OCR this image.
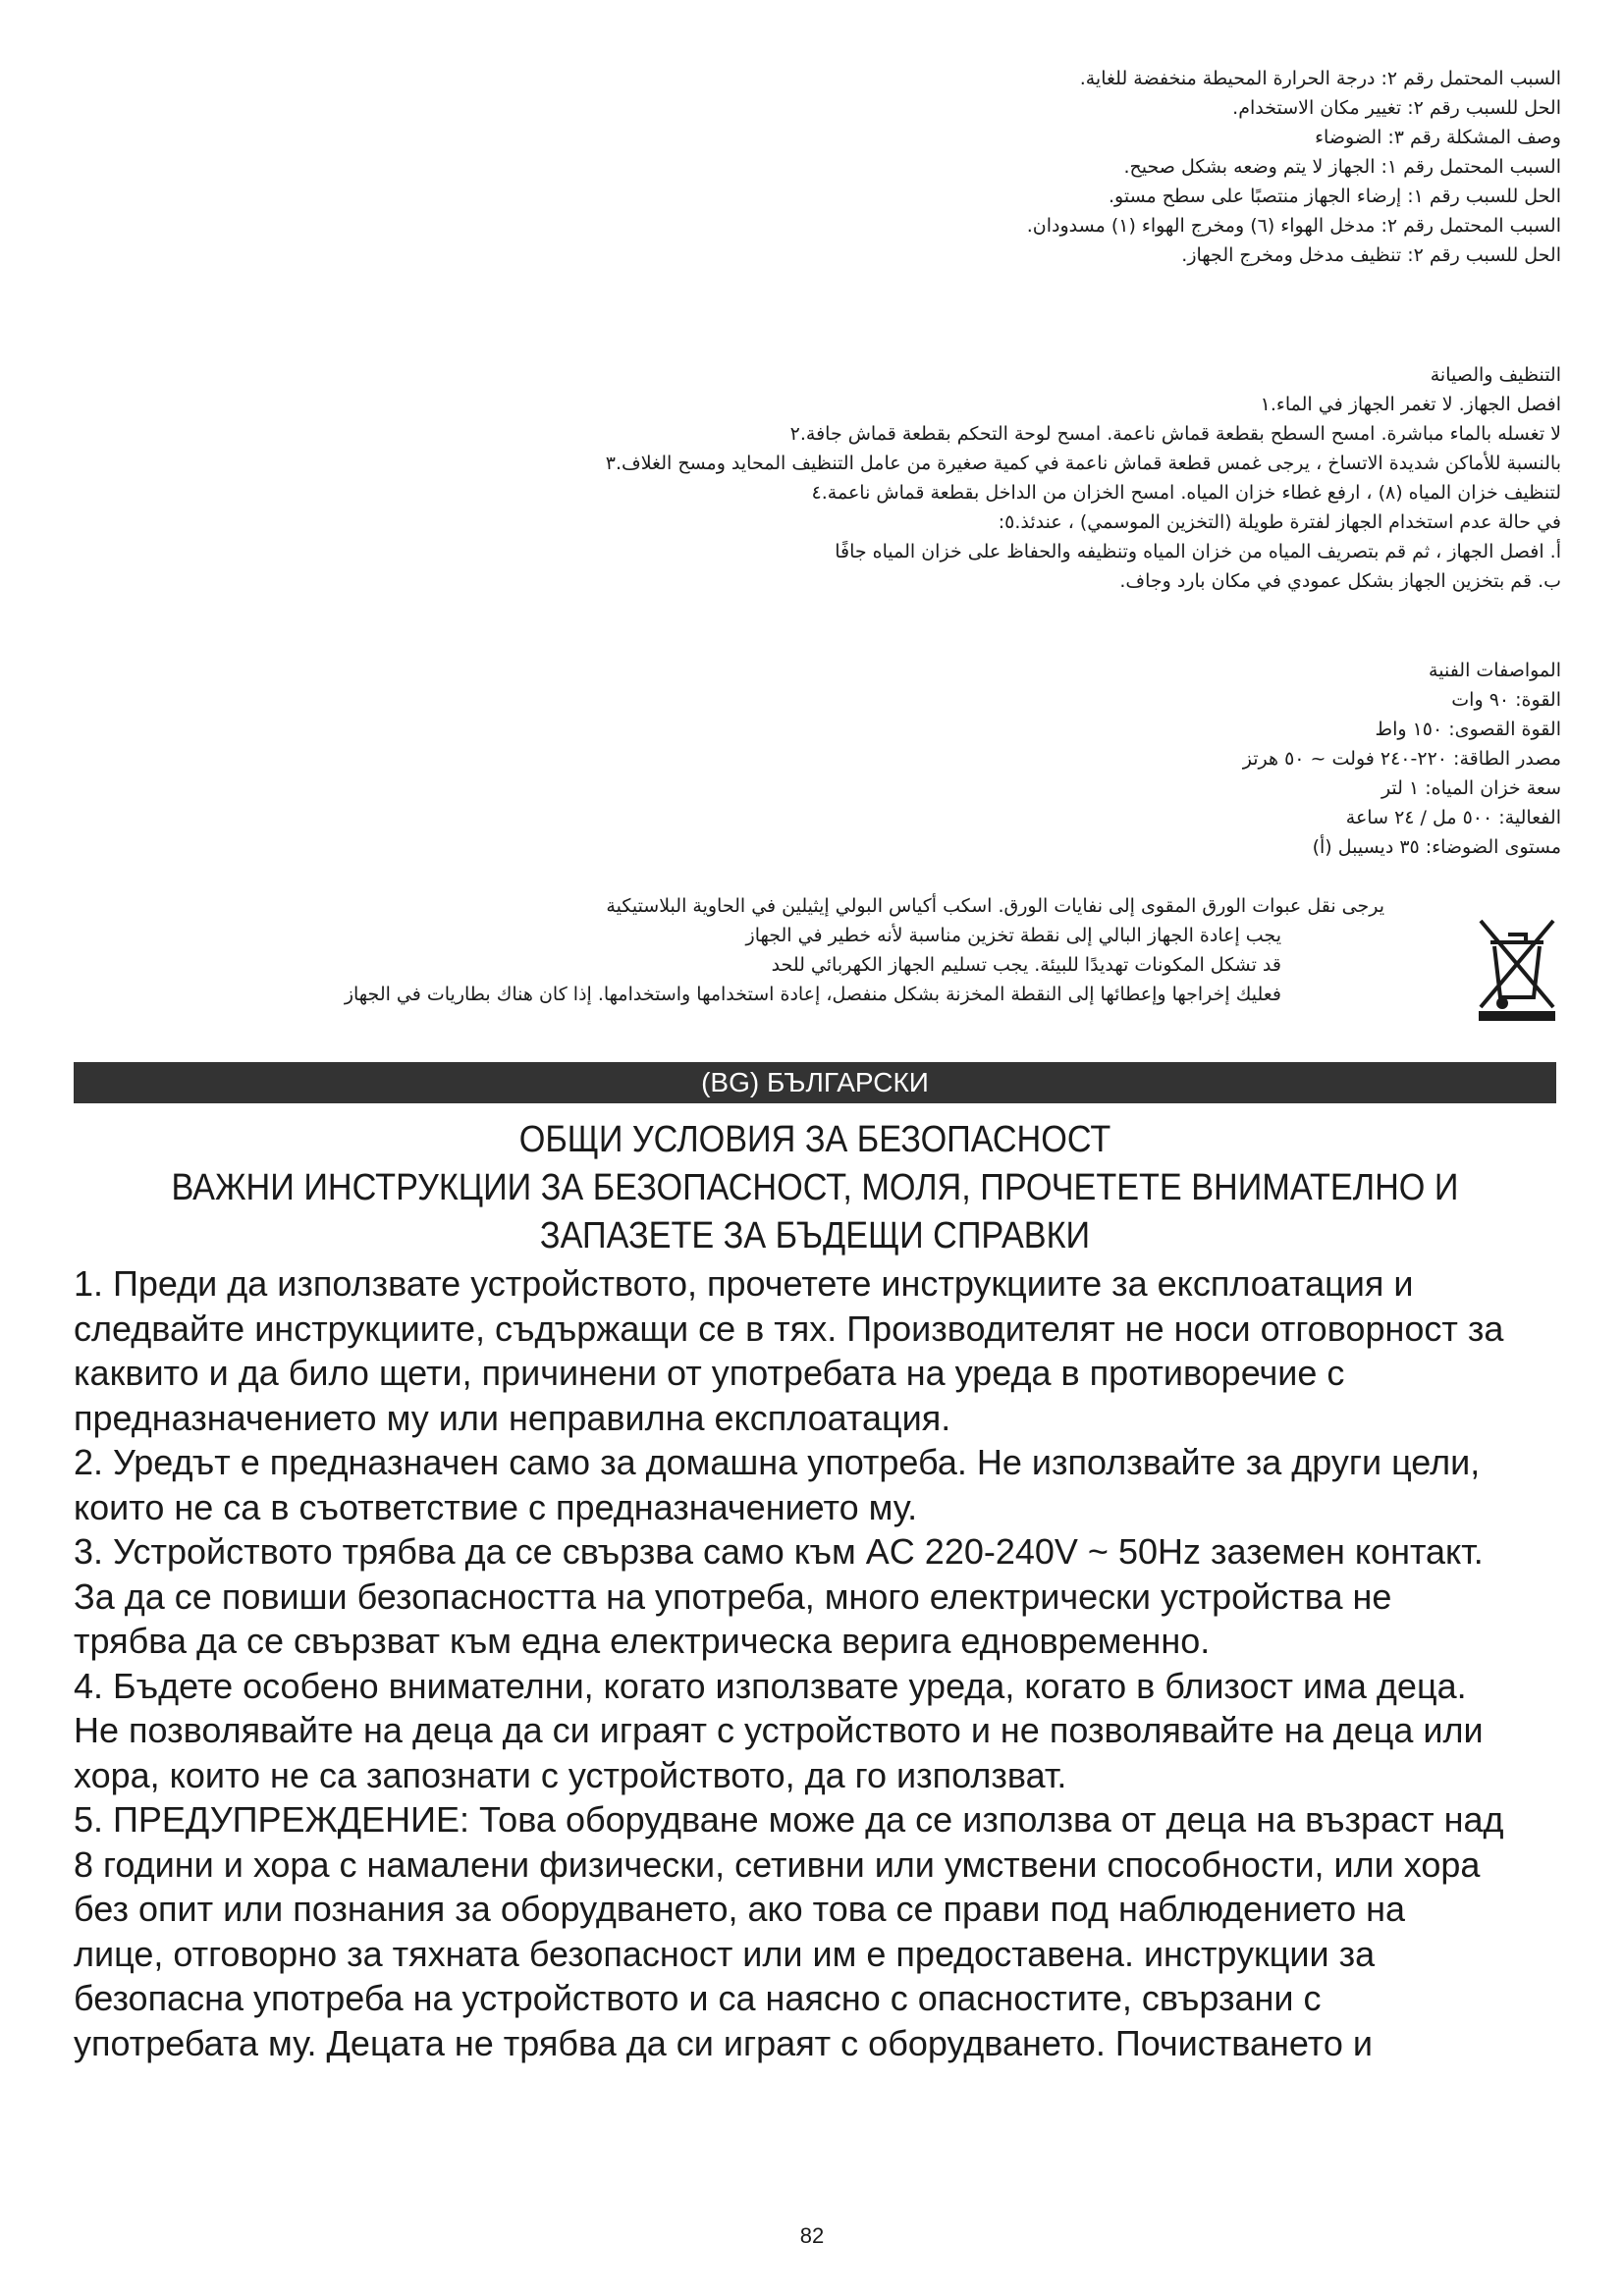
السبب المحتمل رقم ٢: درجة الحرارة المحيطة منخفضة للغاية.
الحل للسبب رقم ٢: تغيير مكان الاستخدام.
وصف المشكلة رقم ٣: الضوضاء
السبب المحتمل رقم ١: الجهاز لا يتم وضعه بشكل صحيح.
الحل للسبب رقم ١: إرضاء الجهاز منتصبًا على سطح مستو.
السبب المحتمل رقم ٢: مدخل الهواء (٦) ومخرج الهواء (١) مسدودان.
الحل للسبب رقم ٢: تنظيف مدخل ومخرج الجهاز.
التنظيف والصيانة
افصل الجهاز. لا تغمر الجهاز في الماء.١
لا تغسله بالماء مباشرة. امسح السطح بقطعة قماش ناعمة. امسح لوحة التحكم بقطعة قماش جافة.٢
بالنسبة للأماكن شديدة الاتساخ ، يرجى غمس قطعة قماش ناعمة في كمية صغيرة من عامل التنظيف المحايد ومسح الغلاف.٣
لتنظيف خزان المياه (٨) ، ارفع غطاء خزان المياه. امسح الخزان من الداخل بقطعة قماش ناعمة.٤
في حالة عدم استخدام الجهاز لفترة طويلة (التخزين الموسمي) ، عندئذ.٥:
أ. افصل الجهاز ، ثم قم بتصريف المياه من خزان المياه وتنظيفه والحفاظ على خزان المياه جافًا
ب. قم بتخزين الجهاز بشكل عمودي في مكان بارد وجاف.
المواصفات الفنية
القوة: ٩٠ وات
القوة القصوى: ١٥٠ واط
مصدر الطاقة: ٢٢٠-٢٤٠ فولت ~ ٥٠ هرتز
سعة خزان المياه: ١ لتر
الفعالية: ٥٠٠ مل / ٢٤ ساعة
مستوى الضوضاء: ٣٥ ديسيبل (أ)
يرجى نقل عبوات الورق المقوى إلى نفايات الورق. اسكب أكياس البولي إيثيلين في الحاوية البلاستيكية
يجب إعادة الجهاز البالي إلى نقطة تخزين مناسبة لأنه خطير في الجهاز
قد تشكل المكونات تهديدًا للبيئة. يجب تسليم الجهاز الكهربائي للحد
فعليك إخراجها وإعطائها إلى النقطة المخزنة بشكل منفصل، إعادة استخدامها واستخدامها. إذا كان هناك بطاريات في الجهاز
(BG) БЪЛГАРСКИ
ОБЩИ УСЛОВИЯ ЗА БЕЗОПАСНОСТ
ВАЖНИ ИНСТРУКЦИИ ЗА БЕЗОПАСНОСТ, МОЛЯ, ПРОЧЕТЕТЕ ВНИМАТЕЛНО И
ЗАПАЗЕТЕ ЗА БЪДЕЩИ СПРАВКИ

1. Преди да използвате устройството, прочетете инструкциите за експлоатация и

следвайте инструкциите, съдържащи се в тях. Производителят не носи отговорност за

каквито и да било щети, причинени от употребата на уреда в противоречие с

предназначението му или неправилна експлоатация.

2. Уредът е предназначен само за домашна употреба. Не използвайте за други цели,

които не са в съответствие с предназначението му.

3. Устройството трябва да се свързва само към AC 220-240V ~ 50Hz заземен контакт.

За да се повиши безопасността на употреба, много електрически устройства не

трябва да се свързват към една електрическа верига едновременно.

4. Бъдете особено внимателни, когато използвате уреда, когато в близост има деца.

Не позволявайте на деца да си играят с устройството и не позволявайте на деца или

хора, които не са запознати с устройството, да го използват.

5. ПРЕДУПРЕЖДЕНИЕ: Това оборудване може да се използва от деца на възраст над

8 години и хора с намалени физически, сетивни или умствени способности, или хора

без опит или познания за оборудването, ако това се прави под наблюдението на

лице, отговорно за тяхната безопасност или им е предоставена. инструкции за

безопасна употреба на устройството и са наясно с опасностите, свързани с

употребата му. Децата не трябва да си играят с оборудването. Почистването и

82
